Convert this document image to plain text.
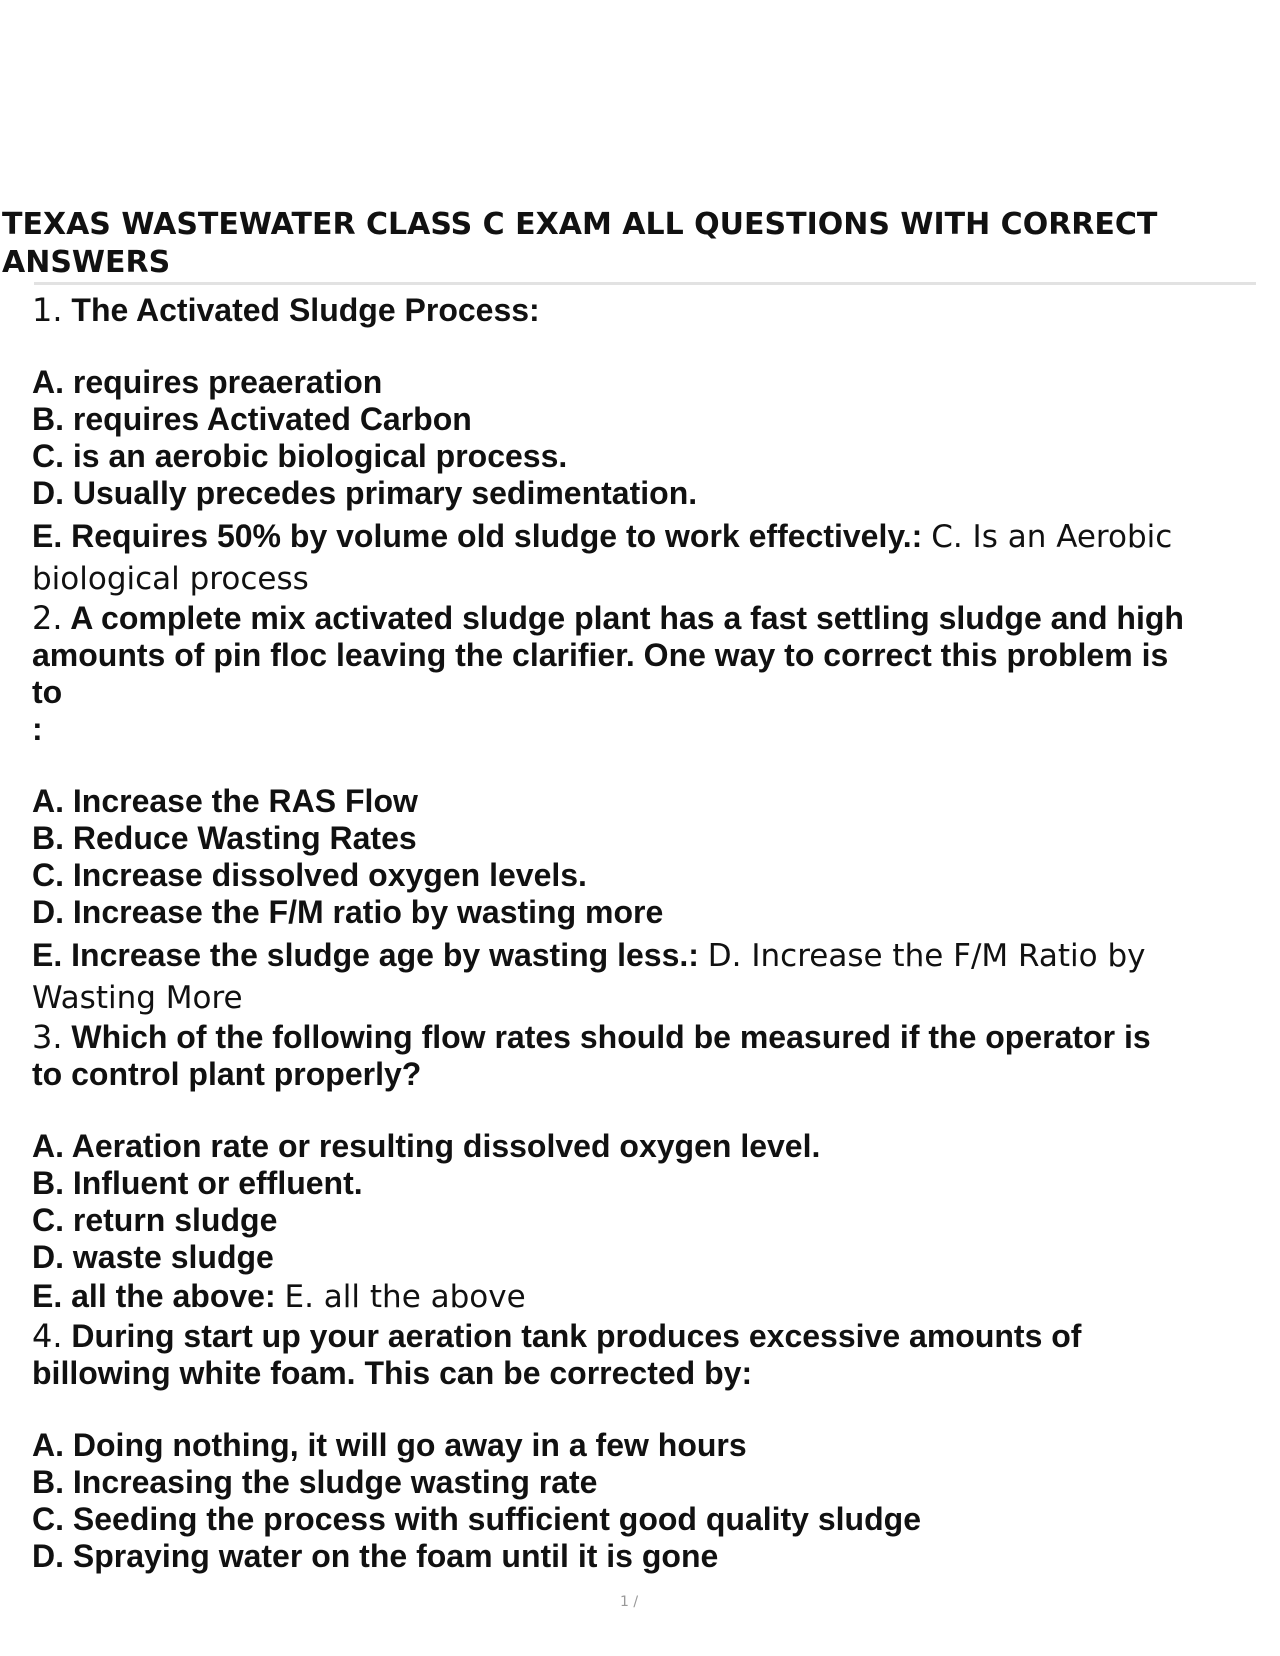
TEXAS WASTEWATER CLASS C EXAM ALL QUESTIONS WITH CORRECT ANSWERS
1. The Activated Sludge Process:
A. requires preaeration
B. requires Activated Carbon
C. is an aerobic biological process.
D. Usually precedes primary sedimentation.
E. Requires 50% by volume old sludge to work effectively.: C. Is an Aerobic biological process
2. A complete mix activated sludge plant has a fast settling sludge and high
amounts of pin floc leaving the clarifier. One way to correct this problem is
to
:
A. Increase the RAS Flow
B. Reduce Wasting Rates
C. Increase dissolved oxygen levels.
D. Increase the F/M ratio by wasting more
E. Increase the sludge age by wasting less.: D. Increase the F/M Ratio by Wasting More
3. Which of the following flow rates should be measured if the operator is
to control plant properly?
A. Aeration rate or resulting dissolved oxygen level.
B. Influent or effluent.
C. return sludge
D. waste sludge
E. all the above: E. all the above
4. During start up your aeration tank produces excessive amounts of
billowing white foam. This can be corrected by:
A. Doing nothing, it will go away in a few hours
B. Increasing the sludge wasting rate
C. Seeding the process with sufficient good quality sludge
D. Spraying water on the foam until it is gone
1 /
